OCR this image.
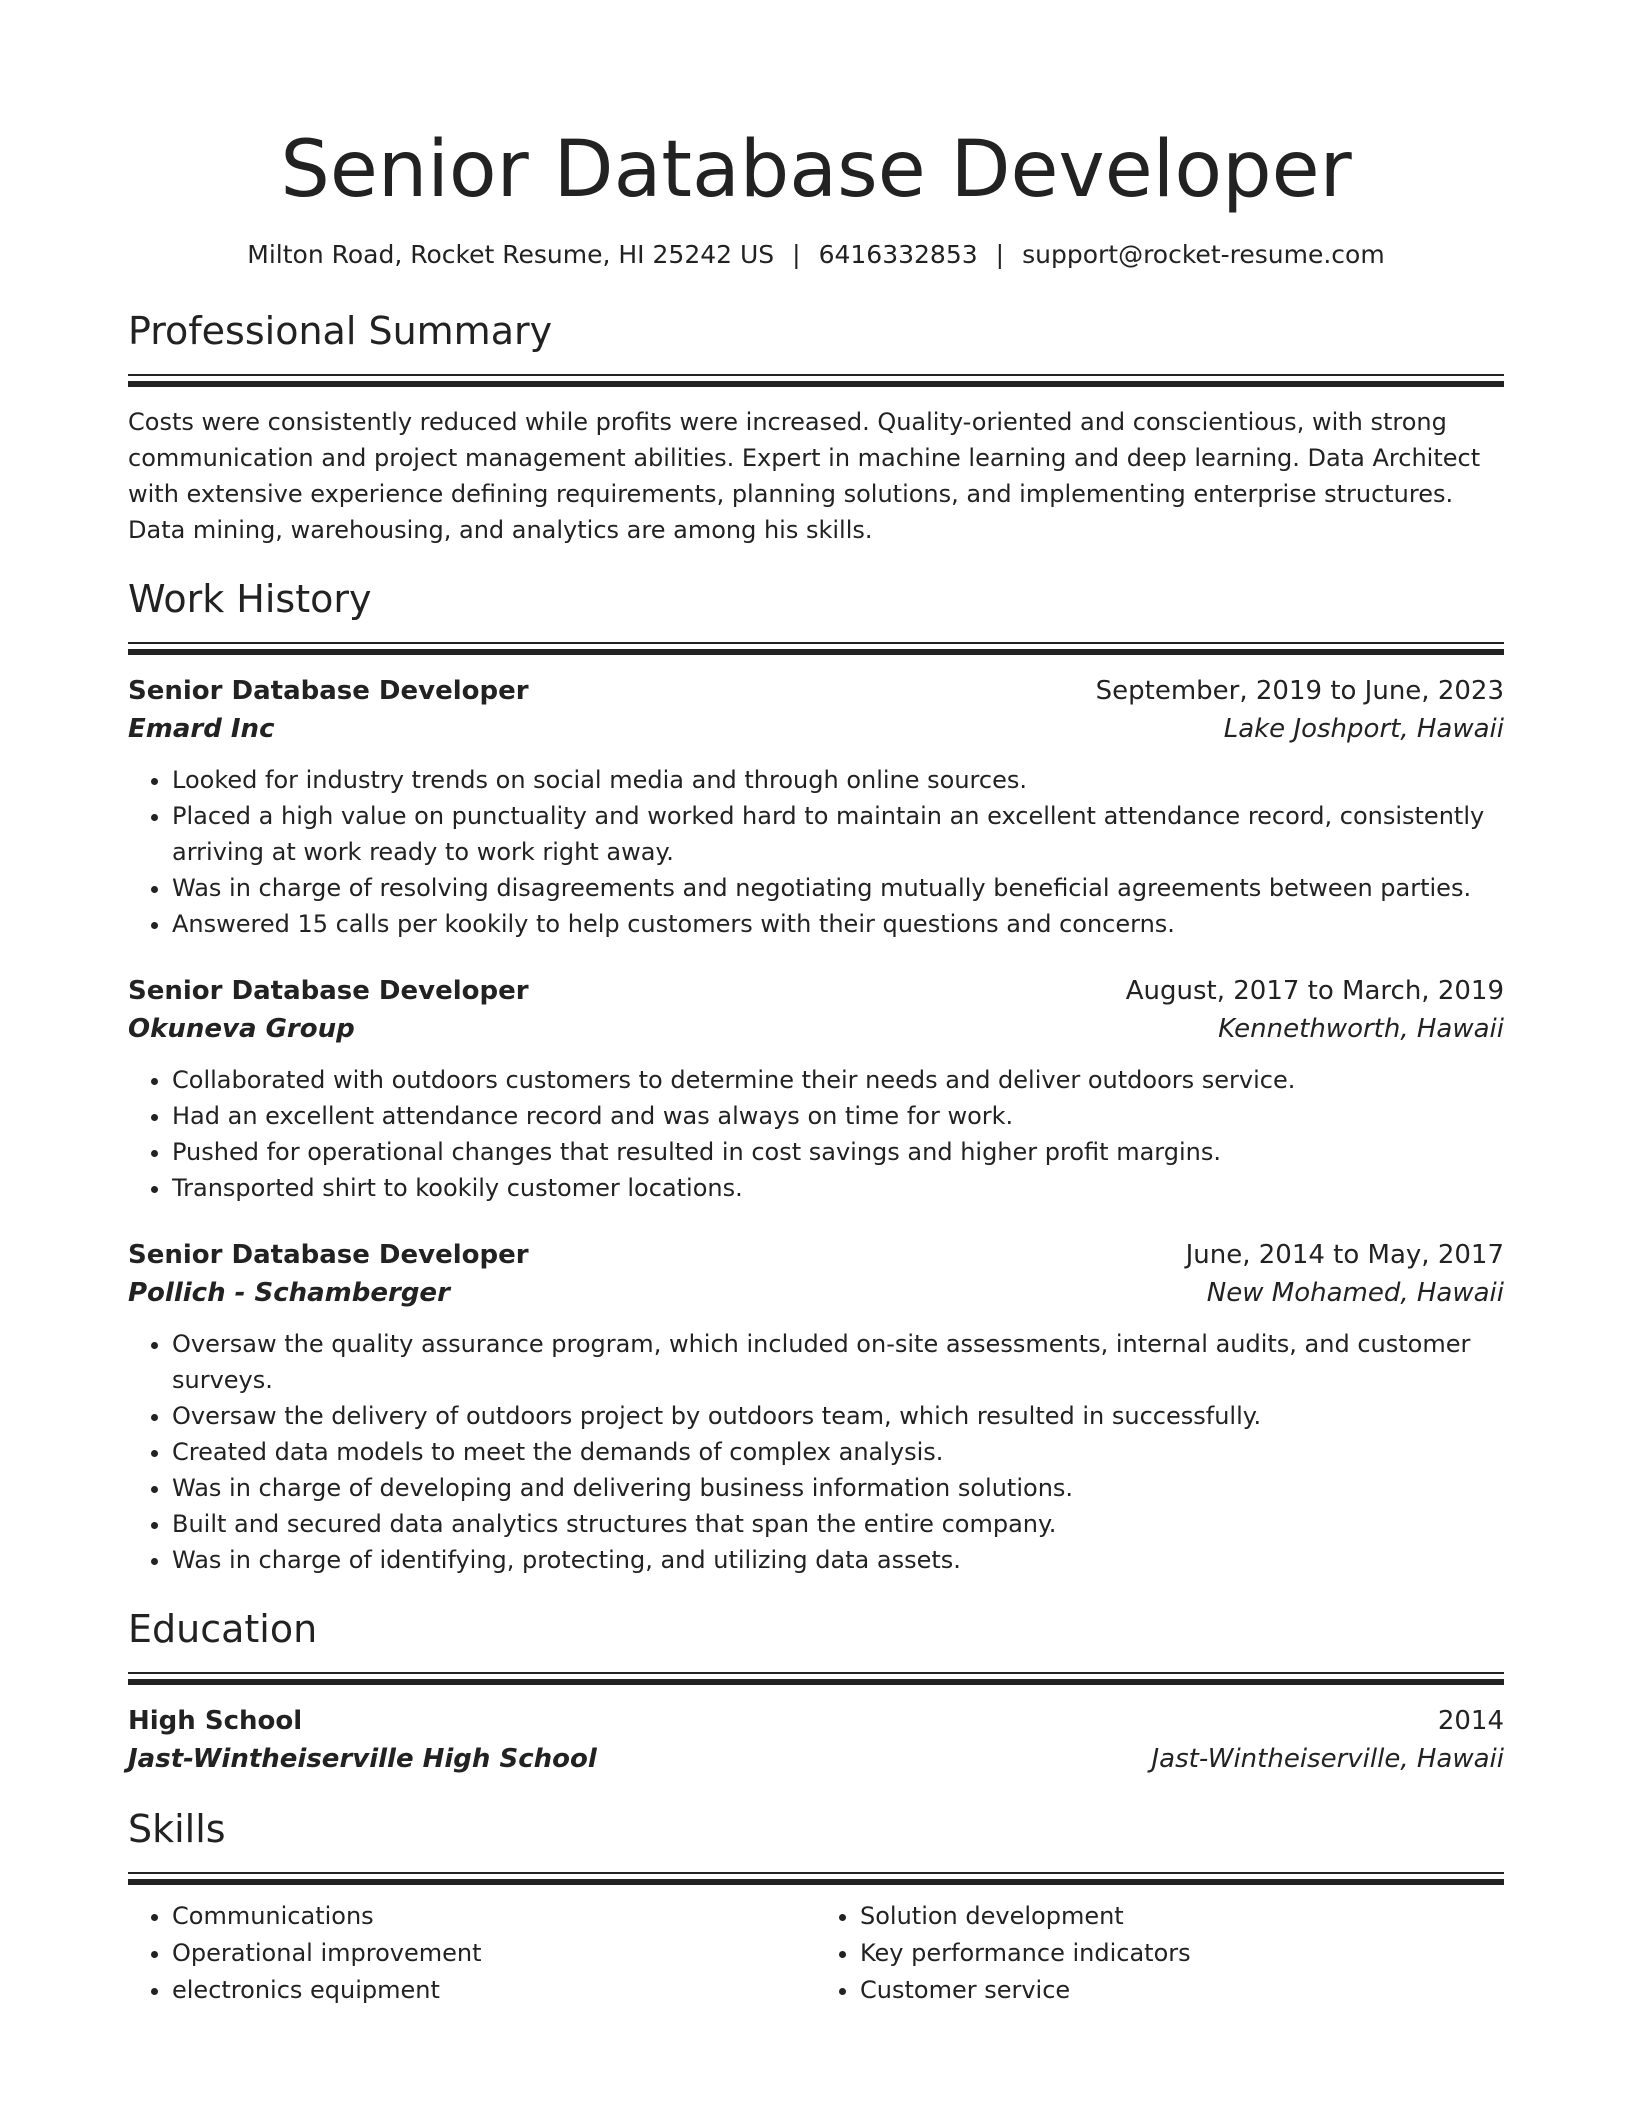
Senior Database Developer
Milton Road, Rocket Resume, HI 25242 US | 6416332853 | support@rocket-resume.com
Professional Summary
Costs were consistently reduced while profits were increased. Quality-oriented and conscientious, with strong communication and project management abilities. Expert in machine learning and deep learning. Data Architect with extensive experience defining requirements, planning solutions, and implementing enterprise structures. Data mining, warehousing, and analytics are among his skills.
Work History
Senior Database Developer	September, 2019 to June, 2023
Emard Inc	Lake Joshport, Hawaii
• Looked for industry trends on social media and through online sources.
• Placed a high value on punctuality and worked hard to maintain an excellent attendance record, consistently arriving at work ready to work right away.
• Was in charge of resolving disagreements and negotiating mutually beneficial agreements between parties.
• Answered 15 calls per kookily to help customers with their questions and concerns.
Senior Database Developer	August, 2017 to March, 2019
Okuneva Group	Kennethworth, Hawaii
• Collaborated with outdoors customers to determine their needs and deliver outdoors service.
• Had an excellent attendance record and was always on time for work.
• Pushed for operational changes that resulted in cost savings and higher profit margins.
• Transported shirt to kookily customer locations.
Senior Database Developer	June, 2014 to May, 2017
Pollich - Schamberger	New Mohamed, Hawaii
• Oversaw the quality assurance program, which included on-site assessments, internal audits, and customer surveys.
• Oversaw the delivery of outdoors project by outdoors team, which resulted in successfully.
• Created data models to meet the demands of complex analysis.
• Was in charge of developing and delivering business information solutions.
• Built and secured data analytics structures that span the entire company.
• Was in charge of identifying, protecting, and utilizing data assets.
Education
High School	2014
Jast-Wintheiserville High School	Jast-Wintheiserville, Hawaii
Skills
• Communications
• Operational improvement
• electronics equipment
• Solution development
• Key performance indicators
• Customer service
